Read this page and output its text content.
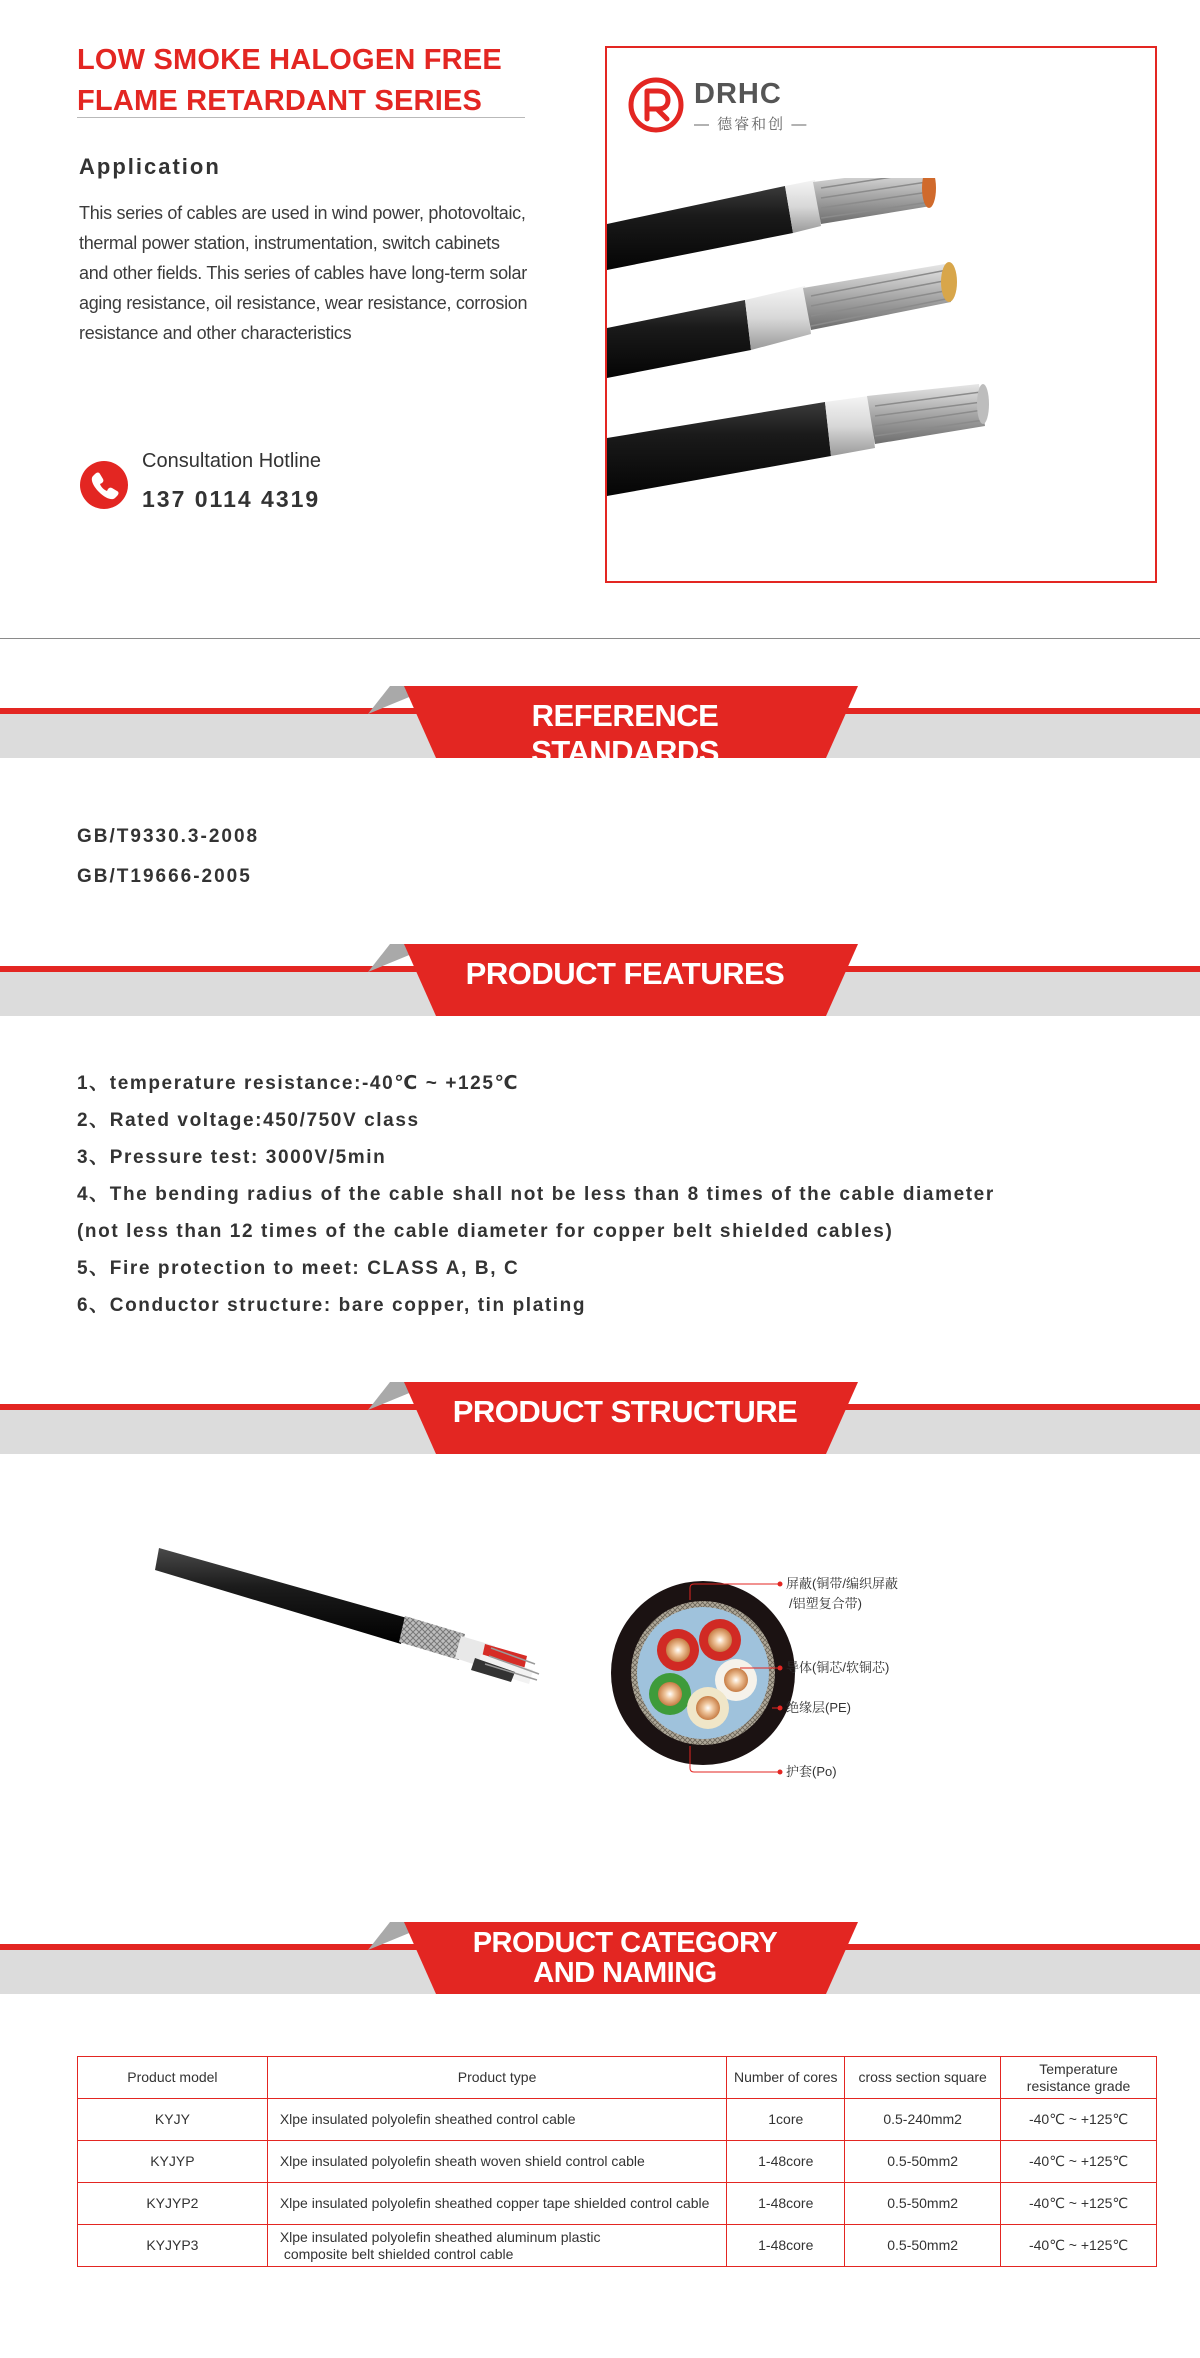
LOW SMOKE HALOGEN FREE
FLAME RETARDANT SERIES
Application
This series of cables are used in wind power, photovoltaic, thermal power station, instrumentation, switch cabinets and other fields. This series of cables have long-term solar aging resistance, oil resistance, wear resistance, corrosion resistance and other characteristics
Consultation Hotline
137 0114 4319
DRHC
— 德睿和创 —
REFERENCE STANDARDS
GB/T9330.3-2008
GB/T19666-2005
PRODUCT FEATURES
1、temperature resistance:-40℃ ~ +125℃
2、Rated voltage:450/750V class
3、Pressure test: 3000V/5min
4、The bending radius of the cable shall not be less than 8 times of the cable diameter
(not less than 12 times of the cable diameter for copper belt shielded cables)
5、Fire protection to meet: CLASS A, B, C
6、Conductor structure: bare copper, tin plating
PRODUCT STRUCTURE
屏蔽(铜带/编织屏蔽
/铝塑复合带)
导体(铜芯/软铜芯)
绝缘层(PE)
护套(Po)
PRODUCT CATEGORY
AND NAMING
Product model	Product type	Number of cores	cross section square	Temperature
resistance grade

KYJY	Xlpe insulated polyolefin sheathed control cable	1core	0.5-240mm2	-40℃ ~ +125℃
KYJYP	Xlpe insulated polyolefin sheath woven shield control cable	1-48core	0.5-50mm2	-40℃ ~ +125℃
KYJYP2	Xlpe insulated polyolefin sheathed copper tape shielded control cable	1-48core	0.5-50mm2	-40℃ ~ +125℃
KYJYP3	Xlpe insulated polyolefin sheathed aluminum plastic
composite belt shielded control cable	1-48core	0.5-50mm2	-40℃ ~ +125℃
